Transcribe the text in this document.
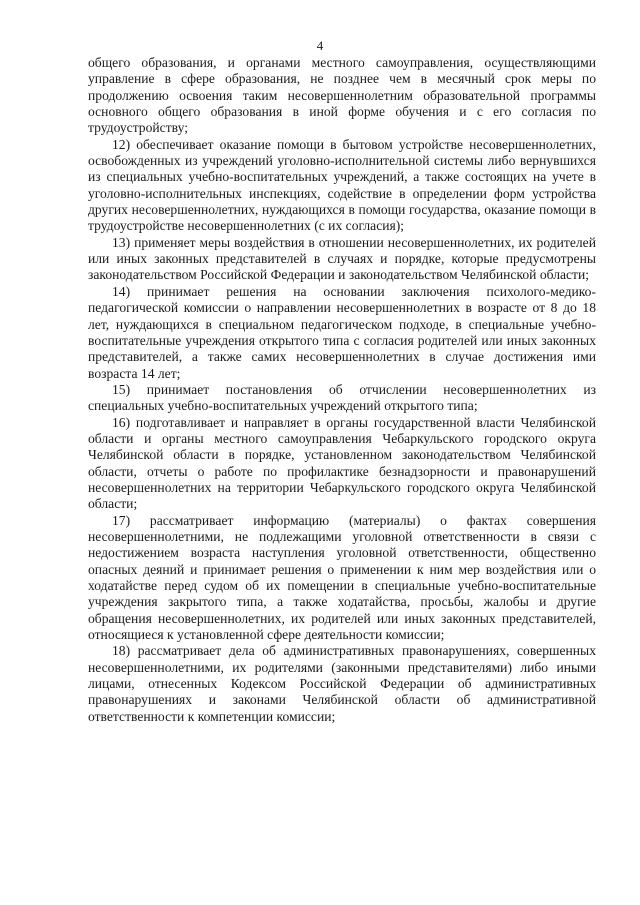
4

общего образования, и органами местного самоуправления, осуществляющими управление в сфере образования, не позднее чем в месячный срок меры по продолжению освоения таким несовершеннолетним образовательной программы основного общего образования в иной форме обучения и с его согласия по трудоустройству;

12) обеспечивает оказание помощи в бытовом устройстве несовершеннолетних, освобожденных из учреждений уголовно-исполнительной системы либо вернувшихся из специальных учебно-воспитательных учреждений, а также состоящих на учете в уголовно-исполнительных инспекциях, содействие в определении форм устройства других несовершеннолетних, нуждающихся в помощи государства, оказание помощи в трудоустройстве несовершеннолетних (с их согласия);

13) применяет меры воздействия в отношении несовершеннолетних, их родителей или иных законных представителей в случаях и порядке, которые предусмотрены законодательством Российской Федерации и законодательством Челябинской области;

14) принимает решения на основании заключения психолого-медико-педагогической комиссии о направлении несовершеннолетних в возрасте от 8 до 18 лет, нуждающихся в специальном педагогическом подходе, в специальные учебно-воспитательные учреждения открытого типа с согласия родителей или иных законных представителей, а также самих несовершеннолетних в случае достижения ими возраста 14 лет;

15) принимает постановления об отчислении несовершеннолетних из специальных учебно-воспитательных учреждений открытого типа;

16) подготавливает и направляет в органы государственной власти Челябинской области и органы местного самоуправления Чебаркульского городского округа Челябинской области в порядке, установленном законодательством Челябинской области, отчеты о работе по профилактике безнадзорности и правонарушений несовершеннолетних на территории Чебаркульского городского округа Челябинской области;

17) рассматривает информацию (материалы) о фактах совершения несовершеннолетними, не подлежащими уголовной ответственности в связи с недостижением возраста наступления уголовной ответственности, общественно опасных деяний и принимает решения о применении к ним мер воздействия или о ходатайстве перед судом об их помещении в специальные учебно-воспитательные учреждения закрытого типа, а также ходатайства, просьбы, жалобы и другие обращения несовершеннолетних, их родителей или иных законных представителей, относящиеся к установленной сфере деятельности комиссии;

18) рассматривает дела об административных правонарушениях, совершенных несовершеннолетними, их родителями (законными представителями) либо иными лицами, отнесенных Кодексом Российской Федерации об административных правонарушениях и законами Челябинской области об административной ответственности к компетенции комиссии;
